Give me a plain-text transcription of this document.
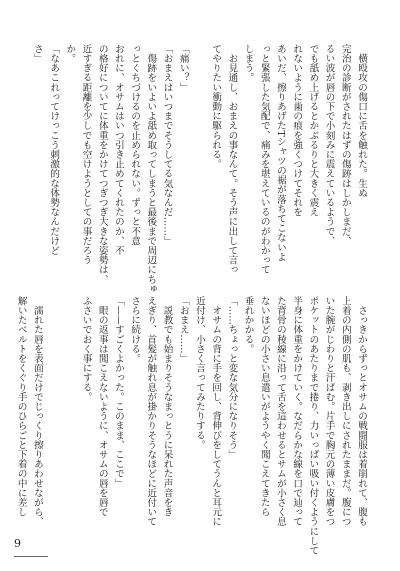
　横殴攻の傷口に舌を触れた。生ぬ

完治の診断がされたはずの傷跡はしかしまだ、

るい波が唇の下で小刻みに震えているようで、

でも舐め上げるとかぶるりと大きく震え

れないように歯の痕を強くつけてそれを

あいだ、擦りあげたTシャツの裾が落ちてこないよ

っと緊張した気配で、痛みを堪えているのがわかって

しまう。

　お見通し、おまえの事なんて。そう声に出して言っ

てやりたい衝動に駆られる。

「痛い？」

「おまえはいつまでそうしてる気なんだ……」

　傷跡をいよいよ舐め取ってしまうと最後まで周辺にちゅ

っとくちづけるのを止められない。ずっと不意

おれに、オサムはいつ引き止めてくれたのか、不

の格好についてに体重をかけてつぎつぎ大きな姿勢は、

近すぎる距離を少しでも空けようとしての事だろう

か。

「なあこれってけっこう刺激的な体勢なんだけど

さ」

　さっきからずっとオサムの戦闘服は着崩れて、腹も

上着の内側の肌も、剥き出しにされたままだ。腹につ

いた腕がじわりと汗ばむ。片手で胸元の薄い皮膚をつ

ポケットのあたりまで捲り、力いっぱい吸い付くようにして

半身に体重をかけていく。なだらかな線を口で辿って

た背骨の稜線に沿って舌を這わせるとサムが小さく息

ないほどの小さい息遣いがようやく聞こえてきたら

垂れかかる。

「……ちょっと変な気分になりそう」

　オサムの背に手を回し、背伸びをしてうんと耳元に

近付け、小さく言ってみたりする。

「おまえ……」

　説教でも始まりそうなまっとうに呆れた声音をき

えぎり、首髪が触れ息が掛かりそうなほどに近付いて

さらに続ける。

「——すごくよかった。このまま、ここで」

　眼の返事は聞こえないように、オサムの唇を唇で

ふさいでおく事にする。

　濡れた唇を表面だけでじっくり擦りあわせながら、

解いたベルトをくぐり手のひらごと下着の中に差し

9
